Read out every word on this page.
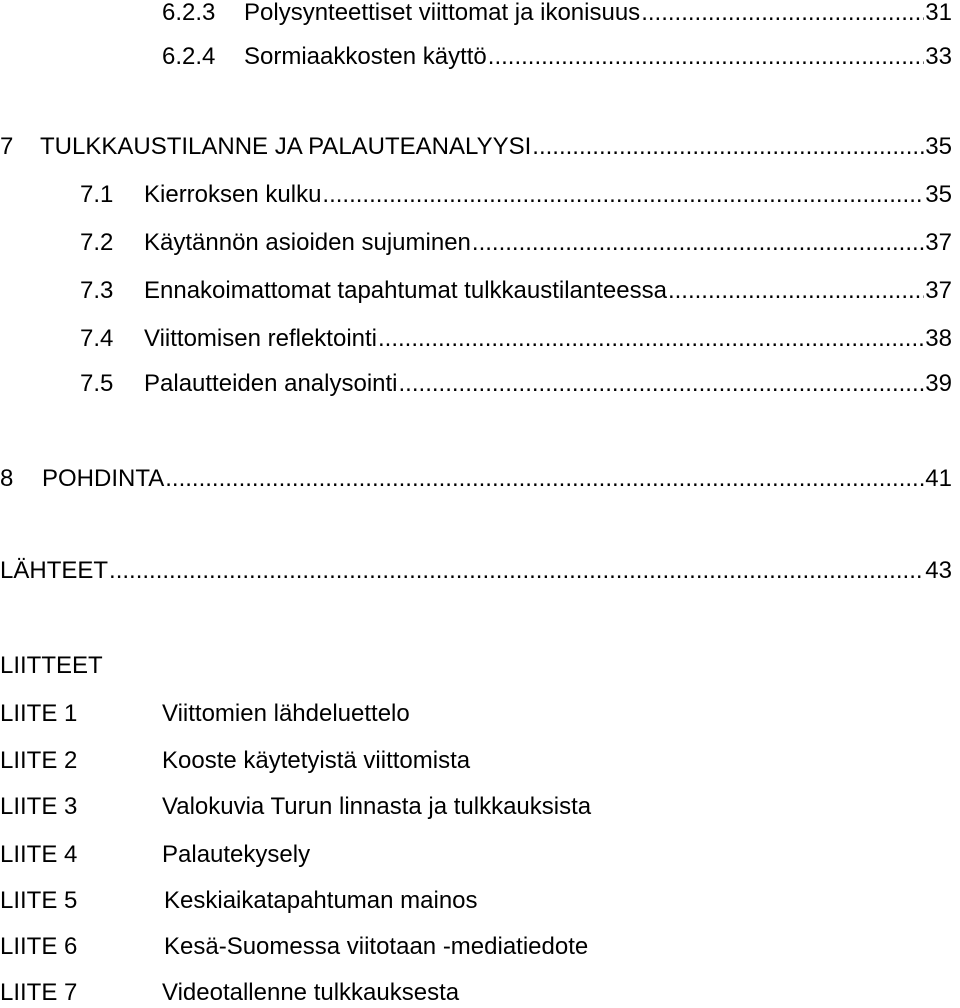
6.2.3	Polysynteettiset viittomat ja ikonisuus .....	31
6.2.4	Sormiaakkosten käyttö .....	33
7	TULKKAUSTILANNE JA PALAUTEANALYYSI .....	35
7.1	Kierroksen kulku .....	35
7.2	Käytännön asioiden sujuminen .....	37
7.3	Ennakoimattomat tapahtumat tulkkaustilanteessa .....	37
7.4	Viittomisen reflektointi .....	38
7.5	Palautteiden analysointi .....	39
8	POHDINTA .....	41
LÄHTEET .....	43
LIITTEET
LIITE 1	Viittomien lähdeluettelo
LIITE 2	Kooste käytetyistä viittomista
LIITE 3	Valokuvia Turun linnasta ja tulkkauksista
LIITE 4	Palautekysely
LIITE 5	Keskiaikatapahtuman mainos
LIITE 6	Kesä-Suomessa viitotaan -mediatiedote
LIITE 7	Videotallenne tulkkauksesta
